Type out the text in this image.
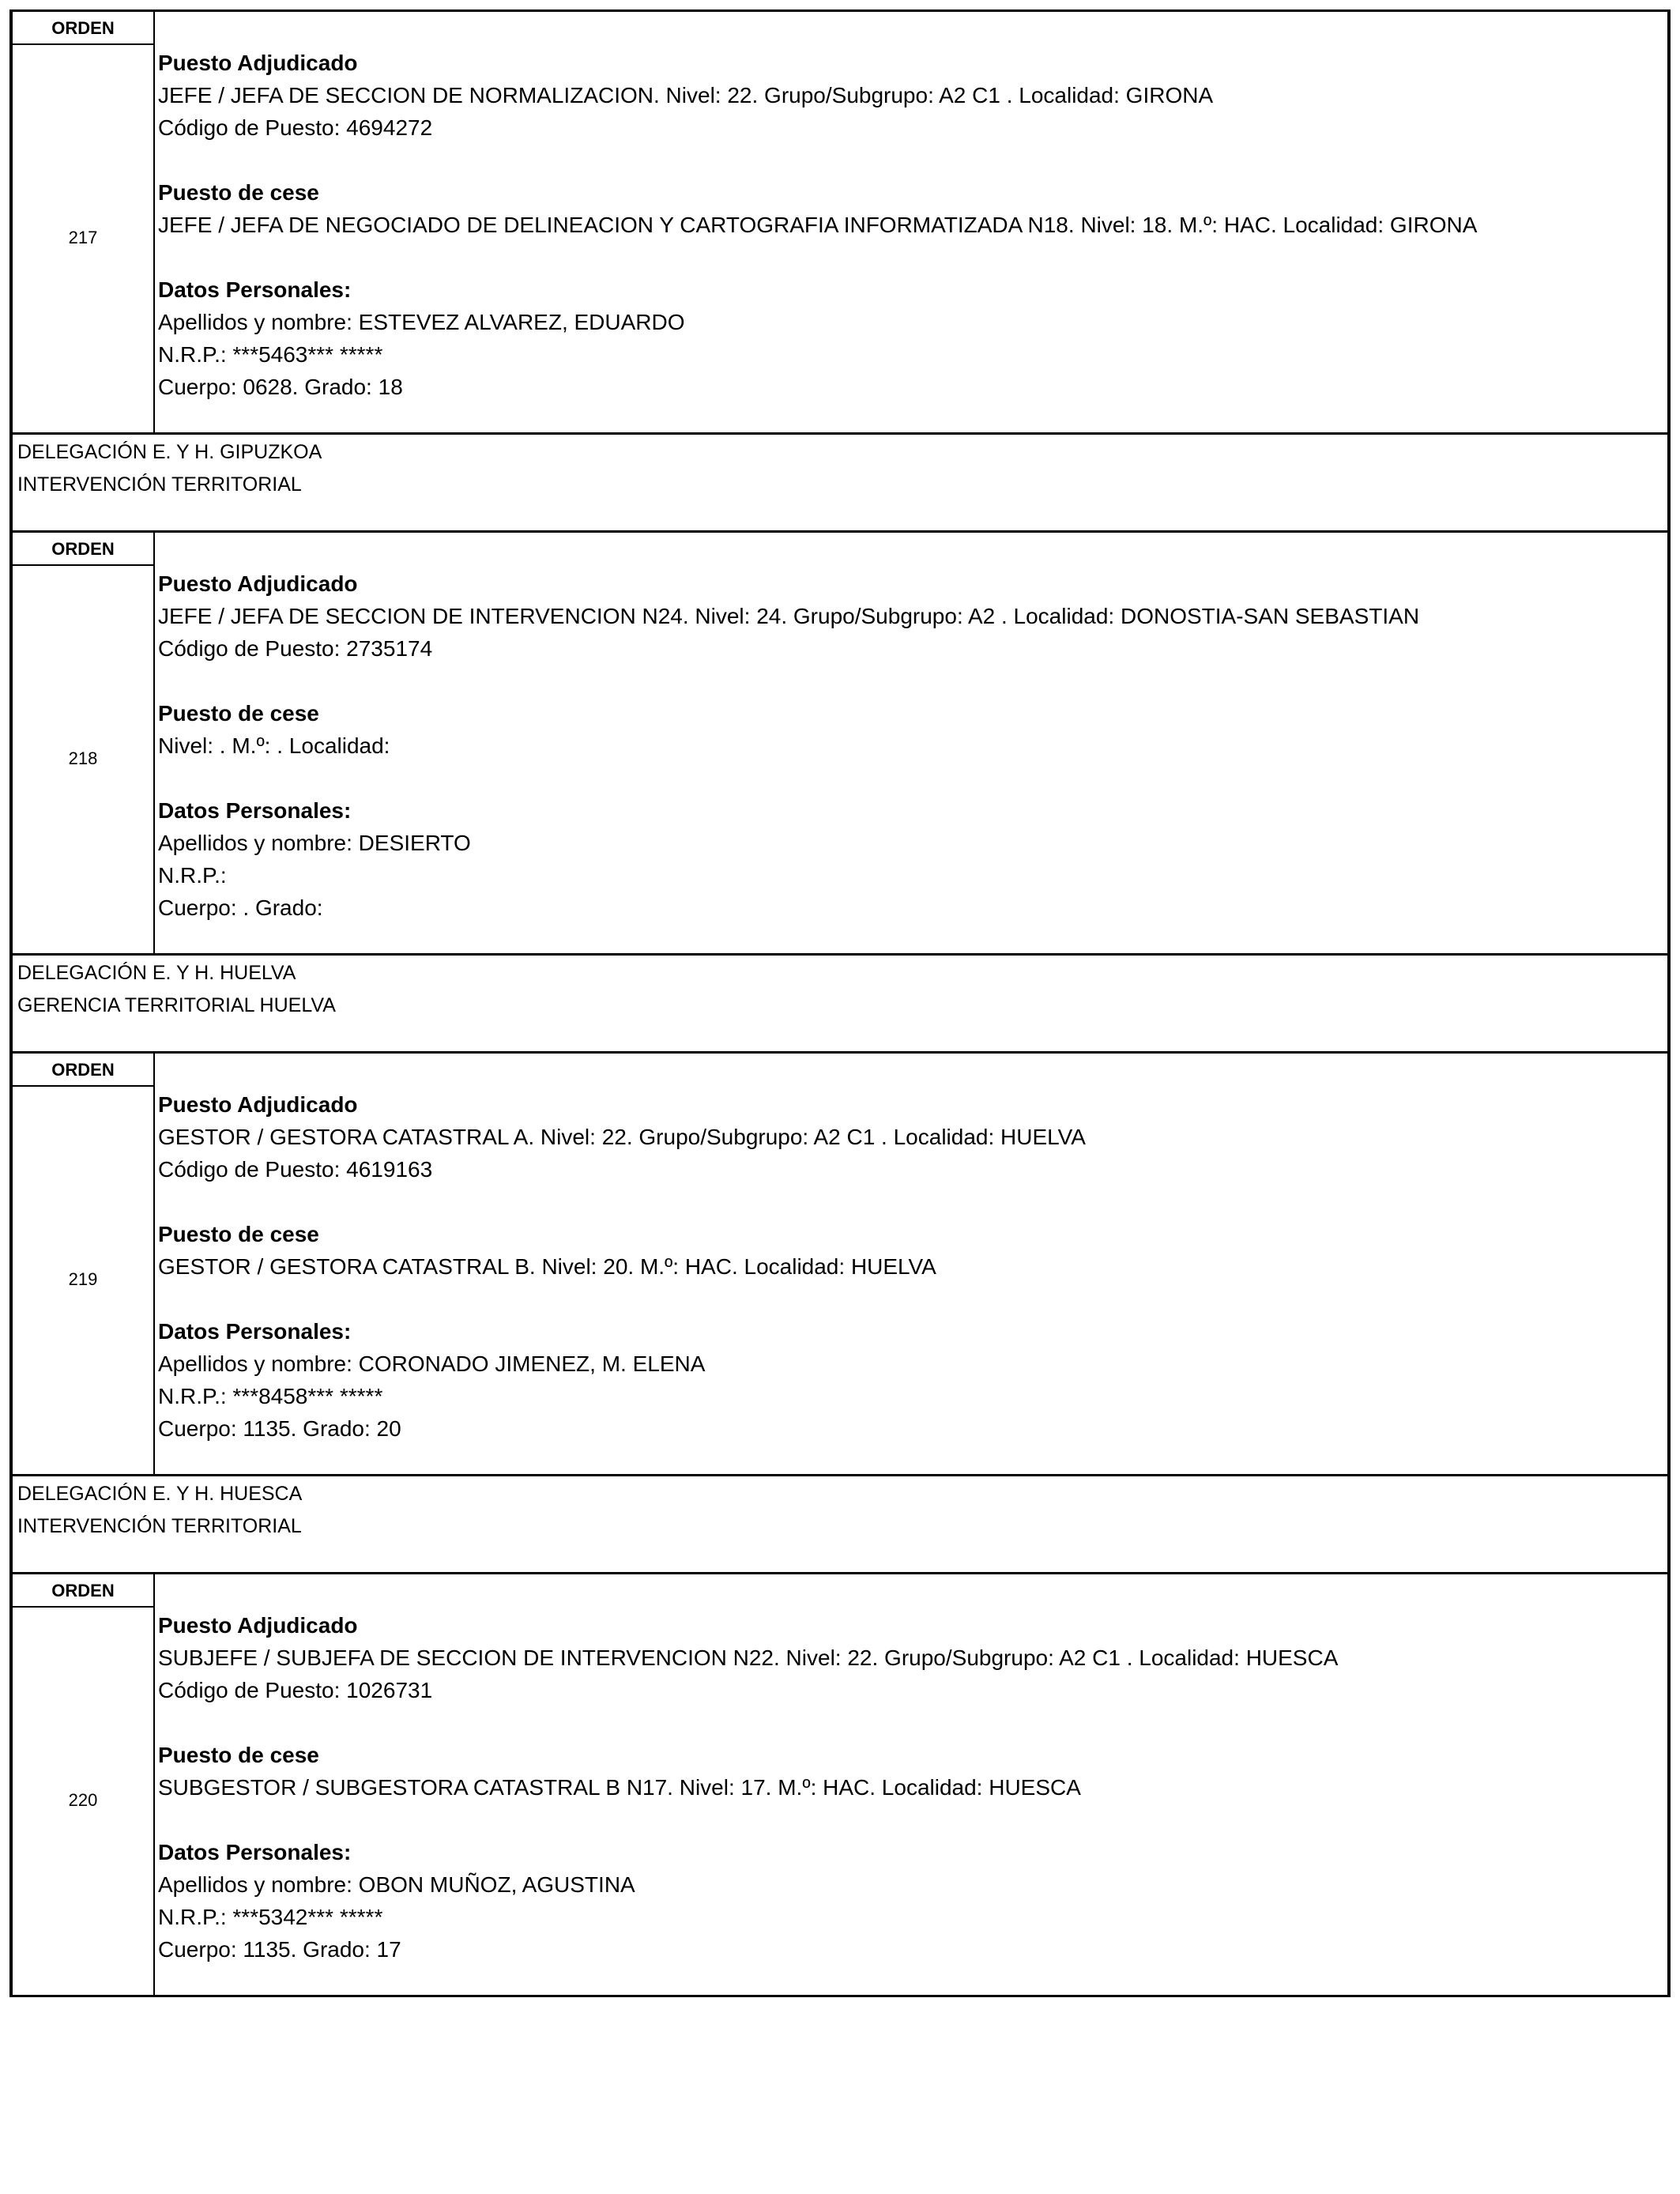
ORDEN
217
Puesto Adjudicado
JEFE / JEFA DE SECCION DE NORMALIZACION. Nivel: 22. Grupo/Subgrupo: A2 C1 . Localidad: GIRONA
Código de Puesto: 4694272
Puesto de cese
JEFE / JEFA DE NEGOCIADO DE DELINEACION Y CARTOGRAFIA INFORMATIZADA N18. Nivel: 18. M.º: HAC. Localidad: GIRONA
Datos Personales:
Apellidos y nombre: ESTEVEZ ALVAREZ, EDUARDO
N.R.P.: ***5463*** *****
Cuerpo: 0628. Grado: 18
DELEGACIÓN E. Y H. GIPUZKOA
INTERVENCIÓN TERRITORIAL
ORDEN
218
Puesto Adjudicado
JEFE / JEFA DE SECCION DE INTERVENCION N24. Nivel: 24. Grupo/Subgrupo: A2 . Localidad: DONOSTIA-SAN SEBASTIAN
Código de Puesto: 2735174
Puesto de cese
Nivel: . M.º: . Localidad:
Datos Personales:
Apellidos y nombre: DESIERTO
N.R.P.:
Cuerpo: . Grado:
DELEGACIÓN E. Y H. HUELVA
GERENCIA TERRITORIAL HUELVA
ORDEN
219
Puesto Adjudicado
GESTOR / GESTORA CATASTRAL A. Nivel: 22. Grupo/Subgrupo: A2 C1 . Localidad: HUELVA
Código de Puesto: 4619163
Puesto de cese
GESTOR / GESTORA CATASTRAL B. Nivel: 20. M.º: HAC. Localidad: HUELVA
Datos Personales:
Apellidos y nombre: CORONADO JIMENEZ, M. ELENA
N.R.P.: ***8458*** *****
Cuerpo: 1135. Grado: 20
DELEGACIÓN E. Y H. HUESCA
INTERVENCIÓN TERRITORIAL
ORDEN
220
Puesto Adjudicado
SUBJEFE / SUBJEFA DE SECCION DE INTERVENCION N22. Nivel: 22. Grupo/Subgrupo: A2 C1 . Localidad: HUESCA
Código de Puesto: 1026731
Puesto de cese
SUBGESTOR / SUBGESTORA CATASTRAL B N17. Nivel: 17. M.º: HAC. Localidad: HUESCA
Datos Personales:
Apellidos y nombre: OBON MUÑOZ, AGUSTINA
N.R.P.: ***5342*** *****
Cuerpo: 1135. Grado: 17
